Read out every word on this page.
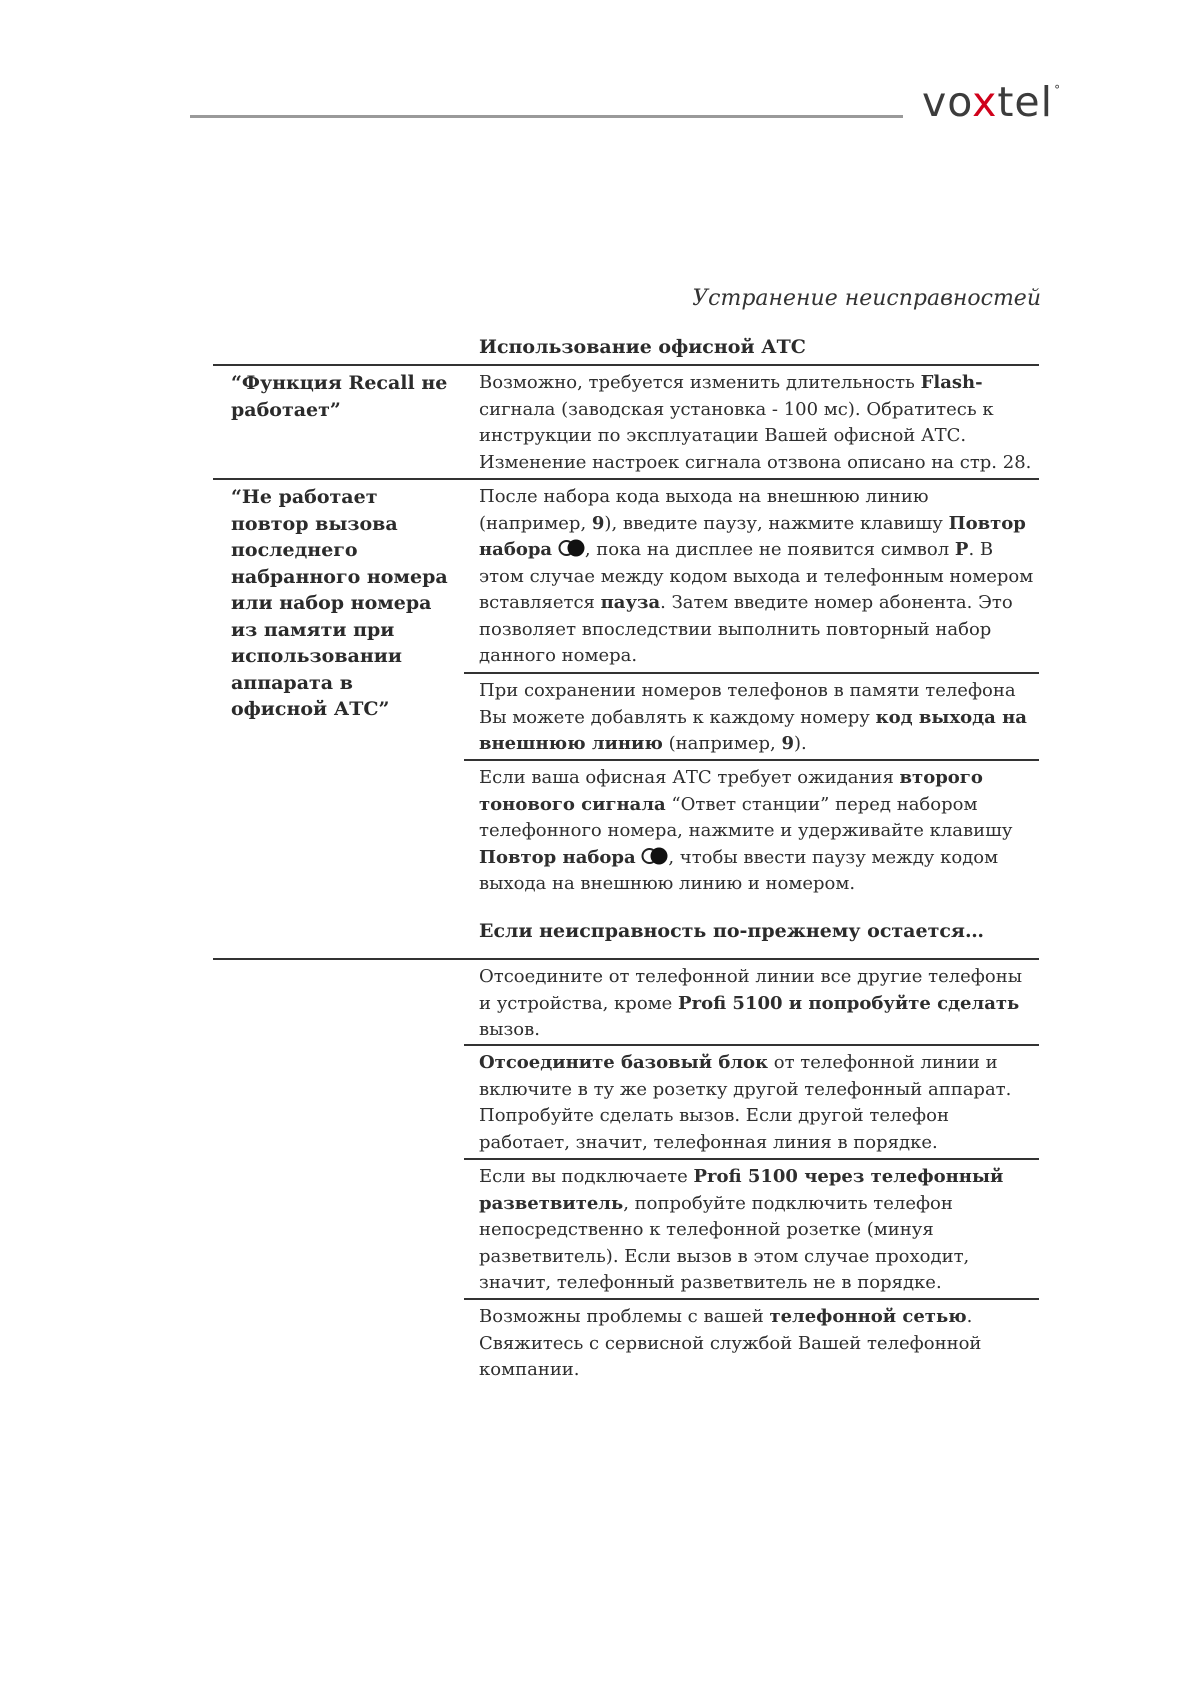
voxtel°
Устранение неисправностей
Использование офисной АТС
“Функция Recall не работает”
Возможно, требуется изменить длительность Flash- сигнала (заводская установка - 100 мс). Обратитесь к инструкции по эксплуатации Вашей офисной АТС. Изменение настроек сигнала отзвона описано на стр. 28.
“Не работает повтор вызова последнего набранного номера или набор номера из памяти при использовании аппарата в офисной АТС”
После набора кода выхода на внешнюю линию (например, 9), введите паузу, нажмите клавишу Повтор набора , пока на дисплее не появится символ P. В этом случае между кодом выхода и телефонным номером вставляется пауза. Затем введите номер абонента. Это позволяет впоследствии выполнить повторный набор данного номера.
При сохранении номеров телефонов в памяти телефона Вы можете добавлять к каждому номеру код выхода на внешнюю линию (например, 9).
Если ваша офисная АТС требует ожидания второго тонового сигнала “Ответ станции” перед набором телефонного номера, нажмите и удерживайте клавишу Повтор набора , чтобы ввести паузу между кодом выхода на внешнюю линию и номером.
Если неисправность по-прежнему остается…
Отсоедините от телефонной линии все другие телефоны и устройства, кроме Profi 5100 и попробуйте сделать вызов.
Отсоедините базовый блок от телефонной линии и включите в ту же розетку другой телефонный аппарат. Попробуйте сделать вызов. Если другой телефон работает, значит, телефонная линия в порядке.
Если вы подключаете Profi 5100 через телефонный разветвитель, попробуйте подключить телефон непосредственно к телефонной розетке (минуя разветвитель). Если вызов в этом случае проходит, значит, телефонный разветвитель не в порядке.
Возможны проблемы с вашей телефонной сетью. Свяжитесь с сервисной службой Вашей телефонной компании.
